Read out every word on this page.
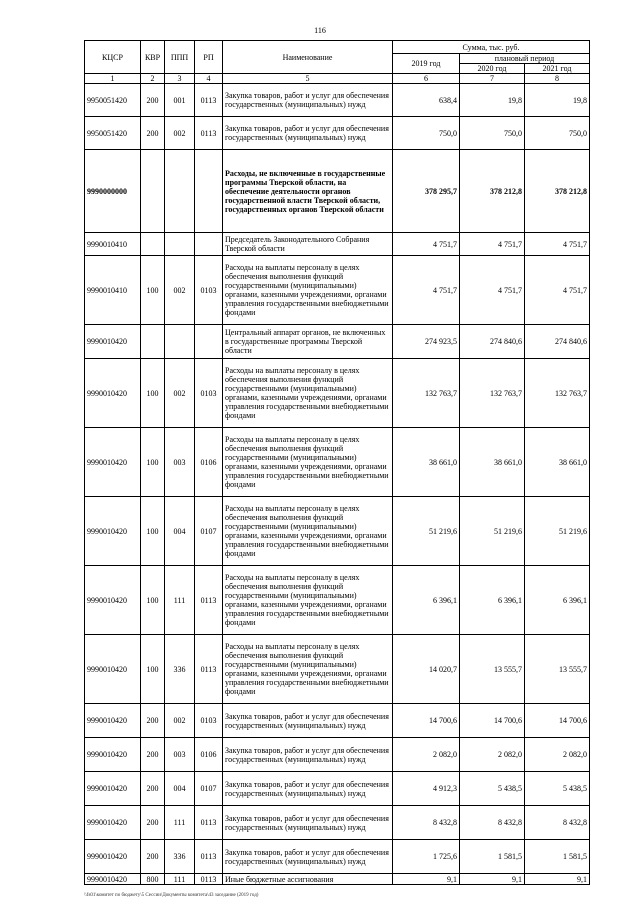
116
КЦСР	КВР	ППП	РП	Наименование	Сумма, тыс. руб.		
					2019 год	плановый период	
						2020 год	2021 год
1	2	3	4	5	6	7	8
9950051420	200	001	0113	Закупка товаров, работ и услуг для обеспечения государственных (муниципальных) нужд	638,4	19,8	19,8
9950051420	200	002	0113	Закупка товаров, работ и услуг для обеспечения государственных (муниципальных) нужд	750,0	750,0	750,0
9990000000				Расходы, не включенные в государственные программы Тверской области, на обеспечение деятельности органов государственной власти Тверской области, государственных органов Тверской области	378 295,7	378 212,8	378 212,8
9990010410				Председатель Законодательного Собрания Тверской области	4 751,7	4 751,7	4 751,7
9990010410	100	002	0103	Расходы на выплаты персоналу в целях обеспечения выполнения функций государственными (муниципальными) органами, казенными учреждениями, органами управления государственными внебюджетными фондами	4 751,7	4 751,7	4 751,7
9990010420				Центральный аппарат органов, не включенных в государственные программы Тверской области	274 923,5	274 840,6	274 840,6
9990010420	100	002	0103	Расходы на выплаты персоналу в целях обеспечения выполнения функций государственными (муниципальными) органами, казенными учреждениями, органами управления государственными внебюджетными фондами	132 763,7	132 763,7	132 763,7
9990010420	100	003	0106	Расходы на выплаты персоналу в целях обеспечения выполнения функций государственными (муниципальными) органами, казенными учреждениями, органами управления государственными внебюджетными фондами	38 661,0	38 661,0	38 661,0
9990010420	100	004	0107	Расходы на выплаты персоналу в целях обеспечения выполнения функций государственными (муниципальными) органами, казенными учреждениями, органами управления государственными внебюджетными фондами	51 219,6	51 219,6	51 219,6
9990010420	100	111	0113	Расходы на выплаты персоналу в целях обеспечения выполнения функций государственными (муниципальными) органами, казенными учреждениями, органами управления государственными внебюджетными фондами	6 396,1	6 396,1	6 396,1
9990010420	100	336	0113	Расходы на выплаты персоналу в целях обеспечения выполнения функций государственными (муниципальными) органами, казенными учреждениями, органами управления государственными внебюджетными фондами	14 020,7	13 555,7	13 555,7
9990010420	200	002	0103	Закупка товаров, работ и услуг для обеспечения государственных (муниципальных) нужд	14 700,6	14 700,6	14 700,6
9990010420	200	003	0106	Закупка товаров, работ и услуг для обеспечения государственных (муниципальных) нужд	2 082,0	2 082,0	2 082,0
9990010420	200	004	0107	Закупка товаров, работ и услуг для обеспечения государственных (муниципальных) нужд	4 912,3	5 438,5	5 438,5
9990010420	200	111	0113	Закупка товаров, работ и услуг для обеспечения государственных (муниципальных) нужд	8 432,8	8 432,8	8 432,8
9990010420	200	336	0113	Закупка товаров, работ и услуг для обеспечения государственных (муниципальных) нужд	1 725,6	1 581,5	1 581,5
9990010420	800	111	0113	Иные бюджетные ассигнования	9,1	9,1	9,1
\\fs01\комитет по бюджету\5 Сессии\Документы комитета\43 заседание (2019 год)
